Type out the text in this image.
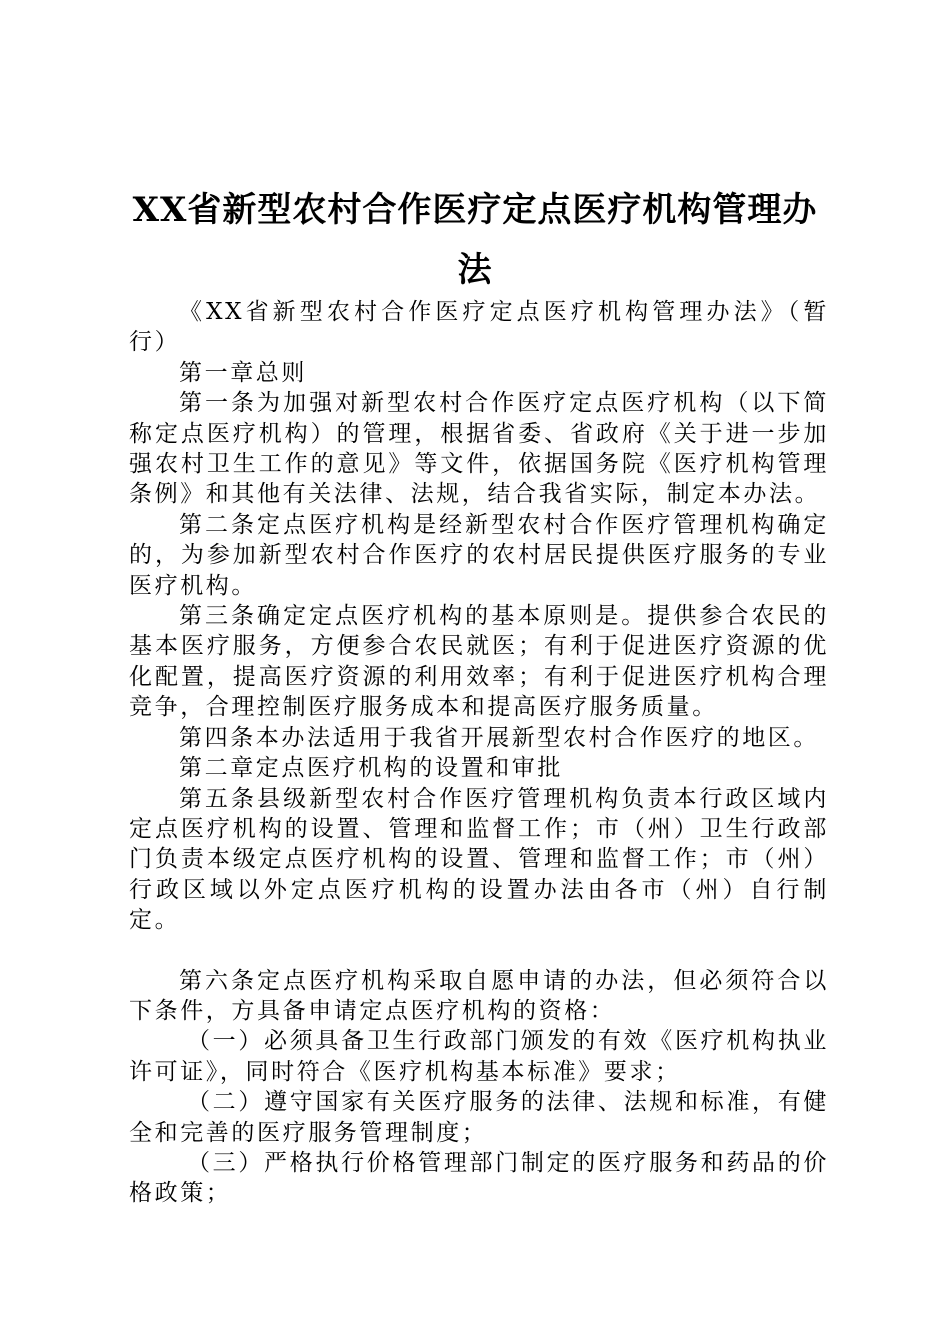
XX省新型农村合作医疗定点医疗机构管理办
法

《XX省新型农村合作医疗定点医疗机构管理办法》（暂行）

第一章总则

第一条为加强对新型农村合作医疗定点医疗机构（以下简称定点医疗机构）的管理，根据省委、省政府《关于进一步加强农村卫生工作的意见》等文件，依据国务院《医疗机构管理条例》和其他有关法律、法规，结合我省实际，制定本办法。

第二条定点医疗机构是经新型农村合作医疗管理机构确定的，为参加新型农村合作医疗的农村居民提供医疗服务的专业医疗机构。

第三条确定定点医疗机构的基本原则是。提供参合农民的基本医疗服务，方便参合农民就医；有利于促进医疗资源的优化配置，提高医疗资源的利用效率；有利于促进医疗机构合理竞争，合理控制医疗服务成本和提高医疗服务质量。

第四条本办法适用于我省开展新型农村合作医疗的地区。

第二章定点医疗机构的设置和审批

第五条县级新型农村合作医疗管理机构负责本行政区域内定点医疗机构的设置、管理和监督工作；市（州）卫生行政部门负责本级定点医疗机构的设置、管理和监督工作；市（州）行政区域以外定点医疗机构的设置办法由各市（州）自行制定。

第六条定点医疗机构采取自愿申请的办法，但必须符合以下条件，方具备申请定点医疗机构的资格：

（一）必须具备卫生行政部门颁发的有效《医疗机构执业许可证》，同时符合《医疗机构基本标准》要求；

（二）遵守国家有关医疗服务的法律、法规和标准，有健全和完善的医疗服务管理制度；

（三）严格执行价格管理部门制定的医疗服务和药品的价格政策；
